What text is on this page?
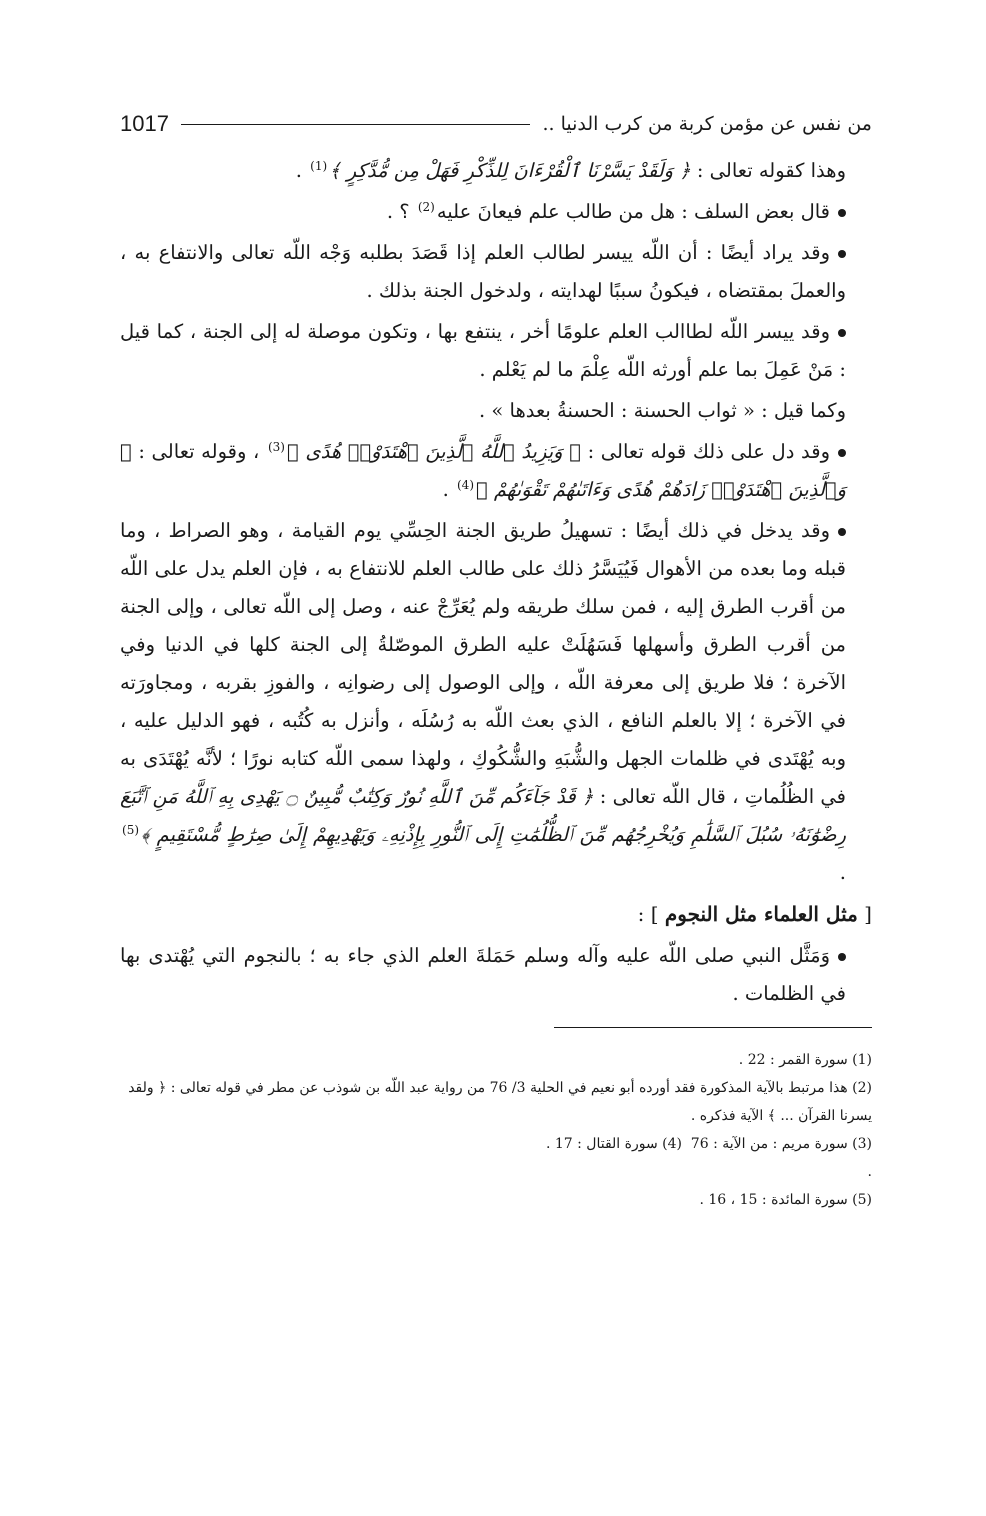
من نفس عن مؤمن كربة من كرب الدنيا ..
1017

وهذا كقوله تعالى : ﴿ وَلَقَدْ يَسَّرْنَا ٱلْقُرْءَانَ لِلذِّكْرِ فَهَلْ مِن مُّدَّكِرٍ ﴾$^{(1)}$ .

قال بعض السلف : هل من طالب علم فيعانَ عليه$^{(2)}$ ؟ .

وقد يراد أيضًا : أن اللّه ييسر لطالب العلم إذا قَصَدَ بطلبه وَجْه اللّه تعالى والانتفاع به ، والعملَ بمقتضاه ، فيكونُ سببًا لهدايته ، ولدخول الجنة بذلك .

وقد ييسر اللّه لطاالب العلم علومًا أخر ، ينتفع بها ، وتكون موصلة له إلى الجنة ، كما قيل : مَنْ عَمِلَ بما علم أورثه اللّه عِلْمَ ما لم يَعْلم .

وكما قيل : « ثواب الحسنة : الحسنةُ بعدها » .

وقد دل على ذلك قوله تعالى : ﴿ وَيَزِيدُ ٱللَّهُ ٱلَّذِينَ ٱهْتَدَوْا۟ هُدًى ﴾$^{(3)}$ ، وقوله تعالى : ﴿ وَٱلَّذِينَ ٱهْتَدَوْا۟ زَادَهُمْ هُدًى وَءَاتَىٰهُمْ تَقْوَىٰهُمْ ﴾$^{(4)}$ .

وقد يدخل في ذلك أيضًا : تسهيلُ طريق الجنة الحِسِّي يوم القيامة ، وهو الصراط ، وما قبله وما بعده من الأهوال فَيُيَسَّرُ ذلك على طالب العلم للانتفاع به ، فإن العلم يدل على اللّه من أقرب الطرق إليه ، فمن سلك طريقه ولم يُعَرِّجْ عنه ، وصل إلى اللّه تعالى ، وإلى الجنة من أقرب الطرق وأسهلها فَسَهُلَتْ عليه الطرق الموصّلةُ إلى الجنة كلها في الدنيا وفي الآخرة ؛ فلا طريق إلى معرفة اللّه ، وإلى الوصول إلى رضوانِه ، والفوزِ بقربه ، ومجاورَته في الآخرة ؛ إلا بالعلم النافع ، الذي بعث اللّه به رُسُلَه ، وأنزل به كُتُبه ، فهو الدليل عليه ، وبه يُهْتَدى في ظلمات الجهل والشُّبَهِ والشُّكُوكِ ، ولهذا سمى اللّه كتابه نورًا ؛ لأنَّه يُهْتَدَى به في الظُلُماتِ ، قال اللّه تعالى : ﴿ قَدْ جَآءَكُم مِّنَ ٱللَّهِ نُورٌ وَكِتَٰبٌ مُّبِينٌ ۝ يَهْدِى بِهِ ٱللَّهُ مَنِ ٱتَّبَعَ رِضْوَٰنَهُۥ سُبُلَ ٱلسَّلَٰمِ وَيُخْرِجُهُم مِّنَ ٱلظُّلُمَٰتِ إِلَى ٱلنُّورِ بِإِذْنِهِۦ وَيَهْدِيهِمْ إِلَىٰ صِرَٰطٍ مُّسْتَقِيمٍ ﴾$^{(5)}$ .

[ مثل العلماء مثل النجوم ] :

وَمَثَّل النبي صلى اللّه عليه وآله وسلم حَمَلةَ العلم الذي جاء به ؛ بالنجوم التي يُهْتدى بها في الظلمات .

(1) سورة القمر : 22 .

(2) هذا مرتبط بالآية المذكورة فقد أورده أبو نعيم في الحلية 3/ 76 من رواية عبد اللّه بن شوذب عن مطر في قوله تعالى : ﴿ ولقد يسرنا القرآن ... ﴾ الآية فذكره .

(3) سورة مريم : من الآية : 76 .
(4) سورة القتال : 17 .

(5) سورة المائدة : 15 ، 16 .
